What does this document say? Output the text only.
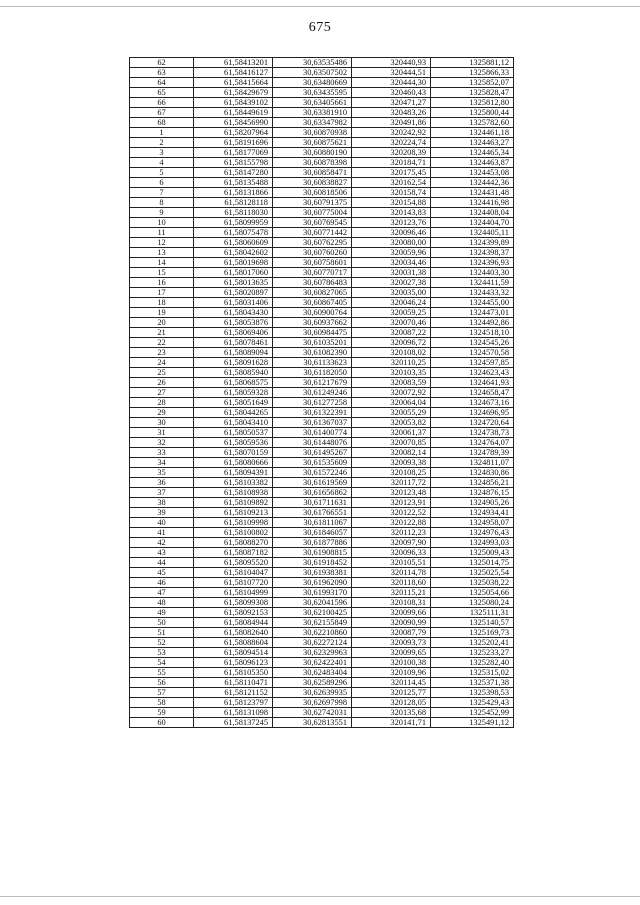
675
62	61,58413201	30,63535486	320440,93	1325881,12
63	61,58416127	30,63507502	320444,51	1325866,33
64	61,58415664	30,63480669	320444,30	1325852,07
65	61,58429679	30,63435595	320460,43	1325828,47
66	61,58439102	30,63405661	320471,27	1325812,80
67	61,58449619	30,63381910	320483,26	1325800,44
68	61,58456990	30,63347982	320491,86	1325782,60
1	61,58207964	30,60870938	320242,92	1324461,18
2	61,58191696	30,60875621	320224,74	1324463,27
3	61,58177069	30,60880190	320208,39	1324465,34
4	61,58155798	30,60878398	320184,71	1324463,87
5	61,58147280	30,60858471	320175,45	1324453,08
6	61,58135488	30,60838827	320162,54	1324442,36
7	61,58131866	30,60818506	320158,74	1324431,48
8	61,58128118	30,60791375	320154,88	1324416,98
9	61,58118030	30,60775004	320143,83	1324408,04
10	61,58099959	30,60769545	320123,76	1324404,70
11	61,58075478	30,60771442	320096,46	1324405,11
12	61,58060609	30,60762295	320080,00	1324399,89
13	61,58042602	30,60760260	320059,96	1324398,37
14	61,58019698	30,60758601	320034,46	1324396,93
15	61,58017060	30,60770717	320031,38	1324403,30
16	61,58013635	30,60786483	320027,38	1324411,59
17	61,58020897	30,60827065	320035,00	1324433,32
18	61,58031406	30,60867405	320046,24	1324455,00
19	61,58043430	30,60900764	320059,25	1324473,01
20	61,58053876	30,60937662	320070,46	1324492,86
21	61,58069406	30,60984475	320087,22	1324518,10
22	61,58078461	30,61035201	320096,72	1324545,26
23	61,58089094	30,61082390	320108,02	1324570,58
24	61,58091628	30,61133623	320110,25	1324597,85
25	61,58085940	30,61182050	320103,35	1324623,43
26	61,58068575	30,61217679	320083,59	1324641,93
27	61,58059328	30,61249246	320072,92	1324658,47
28	61,58051649	30,61277258	320064,04	1324673,16
29	61,58044265	30,61322391	320055,29	1324696,95
30	61,58043410	30,61367037	320053,82	1324720,64
31	61,58050537	30,61400774	320061,37	1324738,73
32	61,58059536	30,61448076	320070,85	1324764,07
33	61,58070159	30,61495267	320082,14	1324789,39
34	61,58080666	30,61535609	320093,38	1324811,07
35	61,58094391	30,61572246	320108,25	1324830,86
36	61,58103382	30,61619569	320117,72	1324856,21
37	61,58108938	30,61656862	320123,48	1324876,15
38	61,58109892	30,61711631	320123,91	1324905,26
39	61,58109213	30,61766551	320122,52	1324934,41
40	61,58109998	30,61811067	320122,88	1324958,07
41	61,58100802	30,61846057	320112,23	1324976,43
42	61,58088270	30,61877886	320097,90	1324993,03
43	61,58087182	30,61908815	320096,33	1325009,43
44	61,58095520	30,61918452	320105,51	1325014,75
45	61,58104047	30,61938381	320114,78	1325025,54
46	61,58107720	30,61962090	320118,60	1325038,22
47	61,58104999	30,61993170	320115,21	1325054,66
48	61,58099308	30,62041596	320108,31	1325080,24
49	61,58092153	30,62100425	320099,66	1325111,31
50	61,58084944	30,62155849	320090,99	1325140,57
51	61,58082640	30,62210860	320087,79	1325169,73
52	61,58088604	30,62272124	320093,73	1325202,41
53	61,58094514	30,62329963	320099,65	1325233,27
54	61,58096123	30,62422401	320100,38	1325282,40
55	61,58105350	30,62483404	320109,96	1325315,02
56	61,58110471	30,62589296	320114,45	1325371,38
57	61,58121152	30,62639935	320125,77	1325398,53
58	61,58123797	30,62697998	320128,05	1325429,43
59	61,58131098	30,62742031	320135,68	1325452,99
60	61,58137245	30,62813551	320141,71	1325491,12
